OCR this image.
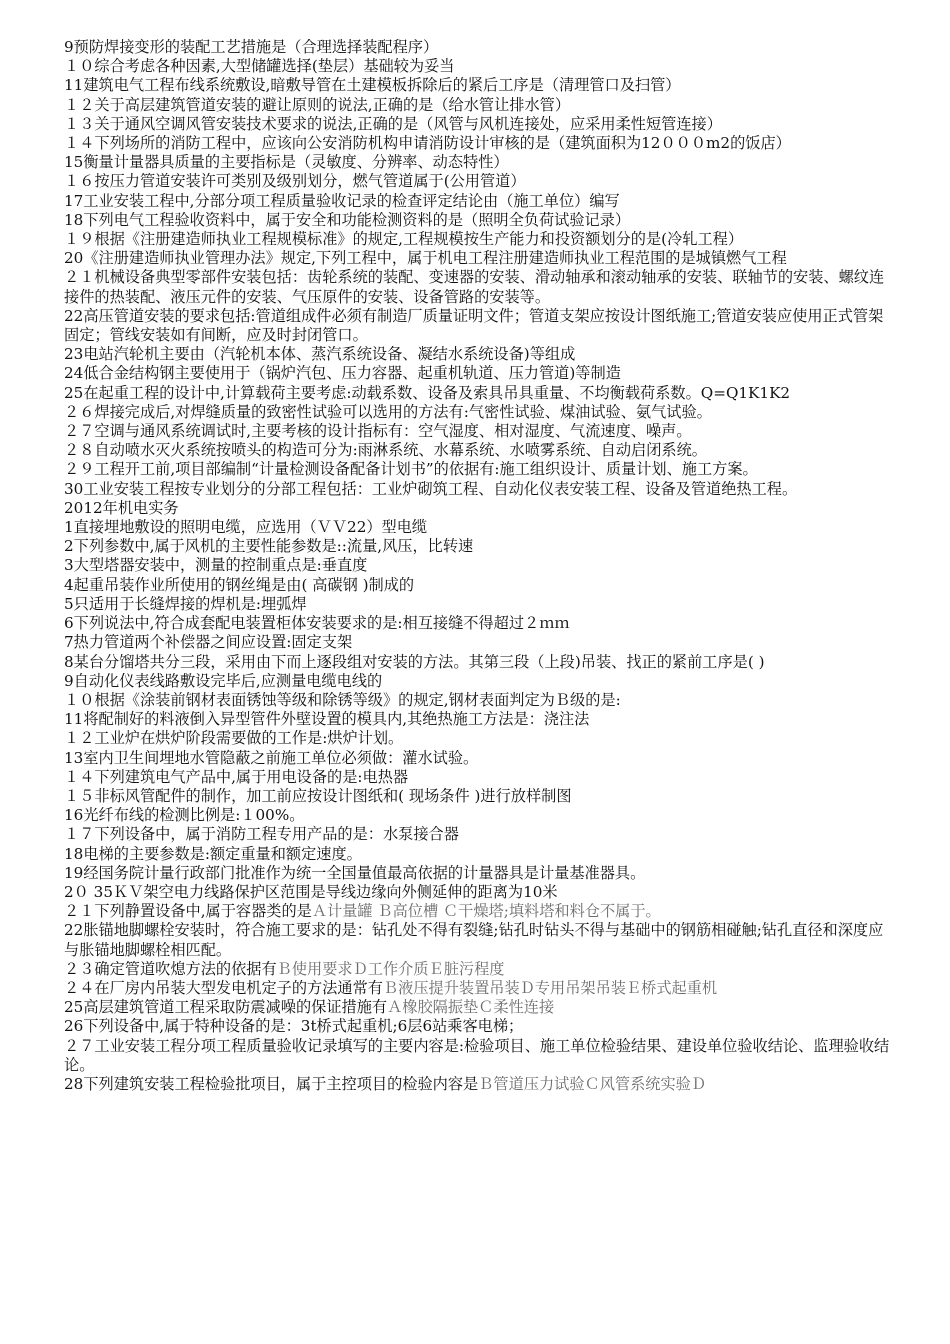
9预防焊接变形的装配工艺措施是（合理选择装配程序）

１０综合考虑各种因素,大型储罐选择(垫层）基础较为妥当

11建筑电气工程布线系统敷设,暗敷导管在土建模板拆除后的紧后工序是（清理管口及扫管）

１２关于高层建筑管道安装的避让原则的说法,正确的是（给水管让排水管）

１３关于通风空调风管安装技术要求的说法,正确的是（风管与风机连接处，应采用柔性短管连接）

１４下列场所的消防工程中，应该向公安消防机构申请消防设计审核的是（建筑面积为12０００m2的饭店）

15衡量计量器具质量的主要指标是（灵敏度、分辨率、动态特性）

１６按压力管道安装许可类别及级别划分，燃气管道属于(公用管道）

17工业安装工程中,分部分项工程质量验收记录的检查评定结论由（施工单位）编写

18下列电气工程验收资料中，属于安全和功能检测资料的是（照明全负荷试验记录）

１９根据《注册建造师执业工程规模标准》的规定,工程规模按生产能力和投资额划分的是(冷轧工程）

20《注册建造师执业管理办法》规定,下列工程中，属于机电工程注册建造师执业工程范围的是城镇燃气工程

２１机械设备典型零部件安装包括：齿轮系统的装配、变速器的安装、滑动轴承和滚动轴承的安装、联轴节的安装、螺纹连接件的热装配、液压元件的安装、气压原件的安装、设备管路的安装等。

22高压管道安装的要求包括:管道组成件必须有制造厂质量证明文件；管道支架应按设计图纸施工;管道安装应使用正式管架固定；管线安装如有间断，应及时封闭管口。

23电站汽轮机主要由（汽轮机本体、蒸汽系统设备、凝结水系统设备)等组成

24低合金结构钢主要使用于（锅炉汽包、压力容器、起重机轨道、压力管道)等制造

25在起重工程的设计中,计算载荷主要考虑:动载系数、设备及索具吊具重量、不均衡载荷系数。Q=Q1K1K2

２６焊接完成后,对焊缝质量的致密性试验可以选用的方法有:气密性试验、煤油试验、氨气试验。

２７空调与通风系统调试时,主要考核的设计指标有：空气湿度、相对湿度、气流速度、噪声。

２８自动喷水灭火系统按喷头的构造可分为:雨淋系统、水幕系统、水喷雾系统、自动启闭系统。

２９工程开工前,项目部编制“计量检测设备配备计划书”的依据有:施工组织设计、质量计划、施工方案。

30工业安装工程按专业划分的分部工程包括：工业炉砌筑工程、自动化仪表安装工程、设备及管道绝热工程。

2012年机电实务

1直接埋地敷设的照明电缆，应选用（ＶＶ22）型电缆

2下列参数中,属于风机的主要性能参数是::流量,风压，比转速

3大型塔器安装中，测量的控制重点是:垂直度

4起重吊装作业所使用的钢丝绳是由( 高碳钢 )制成的

5只适用于长缝焊接的焊机是:埋弧焊

6下列说法中,符合成套配电装置柜体安装要求的是:相互接缝不得超过２ｍｍ

7热力管道两个补偿器之间应设置:固定支架

8某台分馏塔共分三段，采用由下而上逐段组对安装的方法。其第三段（上段)吊装、找正的紧前工序是( )

9自动化仪表线路敷设完毕后,应测量电缆电线的

１０根据《涂装前钢材表面锈蚀等级和除锈等级》的规定,钢材表面判定为Ｂ级的是:

11将配制好的料液倒入异型管件外壁设置的模具内,其绝热施工方法是：浇注法

１２工业炉在烘炉阶段需要做的工作是:烘炉计划。

13室内卫生间埋地水管隐蔽之前施工单位必须做：灌水试验。

１４下列建筑电气产品中,属于用电设备的是:电热器

１５非标风管配件的制作，加工前应按设计图纸和( 现场条件 )进行放样制图

16光纤布线的检测比例是:１00%。

１７下列设备中，属于消防工程专用产品的是：水泵接合器

18电梯的主要参数是:额定重量和额定速度。

19经国务院计量行政部门批准作为统一全国量值最高依据的计量器具是计量基准器具。

2０ 35ＫＶ架空电力线路保护区范围是导线边缘向外侧延伸的距离为10米

２１下列静置设备中,属于容器类的是Ａ计量罐 Ｂ高位槽 Ｃ干燥塔;填料塔和料仓不属于。

22胀锚地脚螺栓安装时，符合施工要求的是：钻孔处不得有裂缝;钻孔时钻头不得与基础中的钢筋相碰触;钻孔直径和深度应与胀锚地脚螺栓相匹配。

２３确定管道吹熄方法的依据有Ｂ使用要求Ｄ工作介质Ｅ脏污程度

２４在厂房内吊装大型发电机定子的方法通常有Ｂ液压提升装置吊装Ｄ专用吊架吊装Ｅ桥式起重机

25高层建筑管道工程采取防震减噪的保证措施有Ａ橡胶隔振垫Ｃ柔性连接

26下列设备中,属于特种设备的是：3t桥式起重机;6层6站乘客电梯；

２７工业安装工程分项工程质量验收记录填写的主要内容是:检验项目、施工单位检验结果、建设单位验收结论、监理验收结论。

28下列建筑安装工程检验批项目，属于主控项目的检验内容是Ｂ管道压力试验Ｃ风管系统实验Ｄ
